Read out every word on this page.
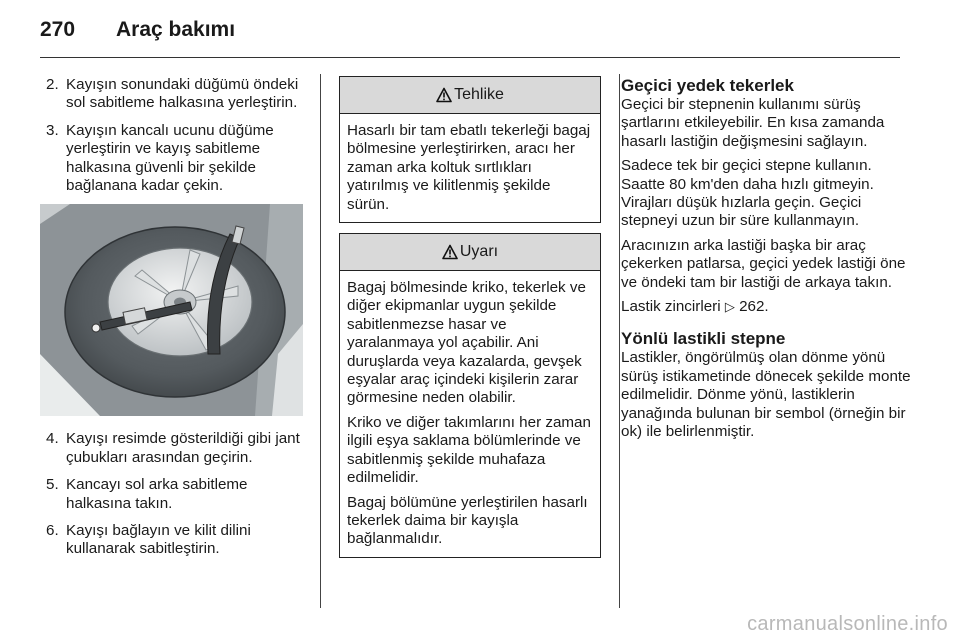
270 Araç bakımı
2. Kayışın sonundaki düğümü öndeki sol sabitleme halkasına yerleştirin.
3. Kayışın kancalı ucunu düğüme yerleştirin ve kayış sabitleme halkasına güvenli bir şekilde bağlanana kadar çekin.
4. Kayışı resimde gösterildiği gibi jant çubukları arasından geçirin.
5. Kancayı sol arka sabitleme halkasına takın.
6. Kayışı bağlayın ve kilit dilini kullanarak sabitleştirin.
Tehlike

Hasarlı bir tam ebatlı tekerleği bagaj bölmesine yerleştirirken, aracı her zaman arka koltuk sırtlıkları yatırılmış ve kilitlenmiş şekilde sürün.

Uyarı

Bagaj bölmesinde kriko, tekerlek ve diğer ekipmanlar uygun şekilde sabitlenmezse hasar ve yaralanmaya yol açabilir. Ani duruşlarda veya kazalarda, gevşek eşyalar araç içindeki kişilerin zarar görmesine neden olabilir.

Kriko ve diğer takımlarını her zaman ilgili eşya saklama bölümlerinde ve sabitlenmiş şekilde muhafaza edilmelidir.

Bagaj bölümüne yerleştirilen hasarlı tekerlek daima bir kayışla bağlanmalıdır.

Geçici yedek tekerlek

Geçici bir stepnenin kullanımı sürüş şartlarını etkileyebilir. En kısa zamanda hasarlı lastiğin değişmesini sağlayın.

Sadece tek bir geçici stepne kullanın. Saatte 80 km'den daha hızlı gitmeyin. Virajları düşük hızlarla geçin. Geçici stepneyi uzun bir süre kullanmayın.

Aracınızın arka lastiği başka bir araç çekerken patlarsa, geçici yedek lastiği öne ve öndeki tam bir lastiği de arkaya takın.

Lastik zincirleri ▷ 262.

Yönlü lastikli stepne

Lastikler, öngörülmüş olan dönme yönü sürüş istikametinde dönecek şekilde monte edilmelidir. Dönme yönü, lastiklerin yanağında bulunan bir sembol (örneğin bir ok) ile belirlenmiştir.

carmanualsonline.info
